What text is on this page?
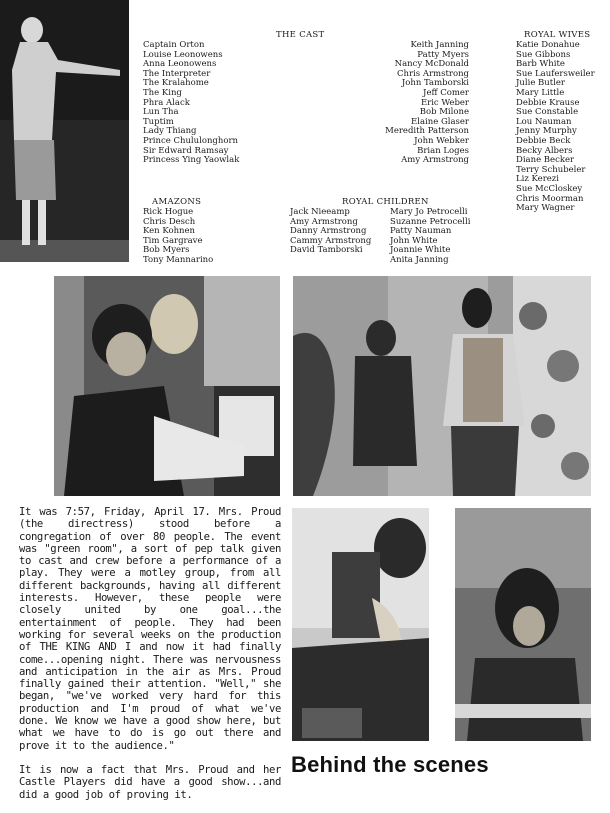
THE CAST
Captain Orton
Louise Leonowens
Anna Leonowens
The Interpreter
The Kralahome
The King
Phra Alack
Lun Tha
Tuptim
Lady Thiang
Prince Chululonghorn
Sir Edward Ramsay
Princess Ying Yaowlak
Keith Janning
Patty Myers
Nancy McDonald
Chris Armstrong
John Tamborski
Jeff Comer
Eric Weber
Bob Milone
Elaine Glaser
Meredith Patterson
John Webker
Brian Loges
Amy Armstrong
ROYAL WIVES
Katie Donahue
Sue Gibbons
Barb White
Sue Laufersweiler
Julie Butler
Mary Little
Debbie Krause
Sue Constable
Lou Nauman
Jenny Murphy
Debbie Beck
Becky Albers
Diane Becker
Terry Schubeler
Liz Kerezi
Sue McCloskey
Chris Moorman
Mary Wagner
AMAZONS
Rick Hogue
Chris Desch
Ken Kohnen
Tim Gargrave
Bob Myers
Tony Mannarino
ROYAL CHILDREN
Jack Nieeamp
Amy Armstrong
Danny Armstrong
Cammy Armstrong
David Tamborski
Mary Jo Petrocelli
Suzanne Petrocelli
Patty Nauman
John White
Joannie White
Anita Janning

It was 7:57, Friday, April 17. Mrs. Proud (the directress) stood before a congregation of over 80 people. The event was "green room", a sort of pep talk given to cast and crew before a performance of a play. They were a motley group, from all different backgrounds, having all different interests. However, these people were closely united by one goal...the entertainment of people. They had been working for several weeks on the production of THE KING AND I and now it had finally come...opening night. There was nervousness and anticipation in the air as Mrs. Proud finally gained their attention. "Well," she began, "we've worked very hard for this production and I'm proud of what we've done. We know we have a good show here, but what we have to do is go out there and prove it to the audience."

It is now a fact that Mrs. Proud and her Castle Players did have a good show...and did a good job of proving it.

Behind the scenes
